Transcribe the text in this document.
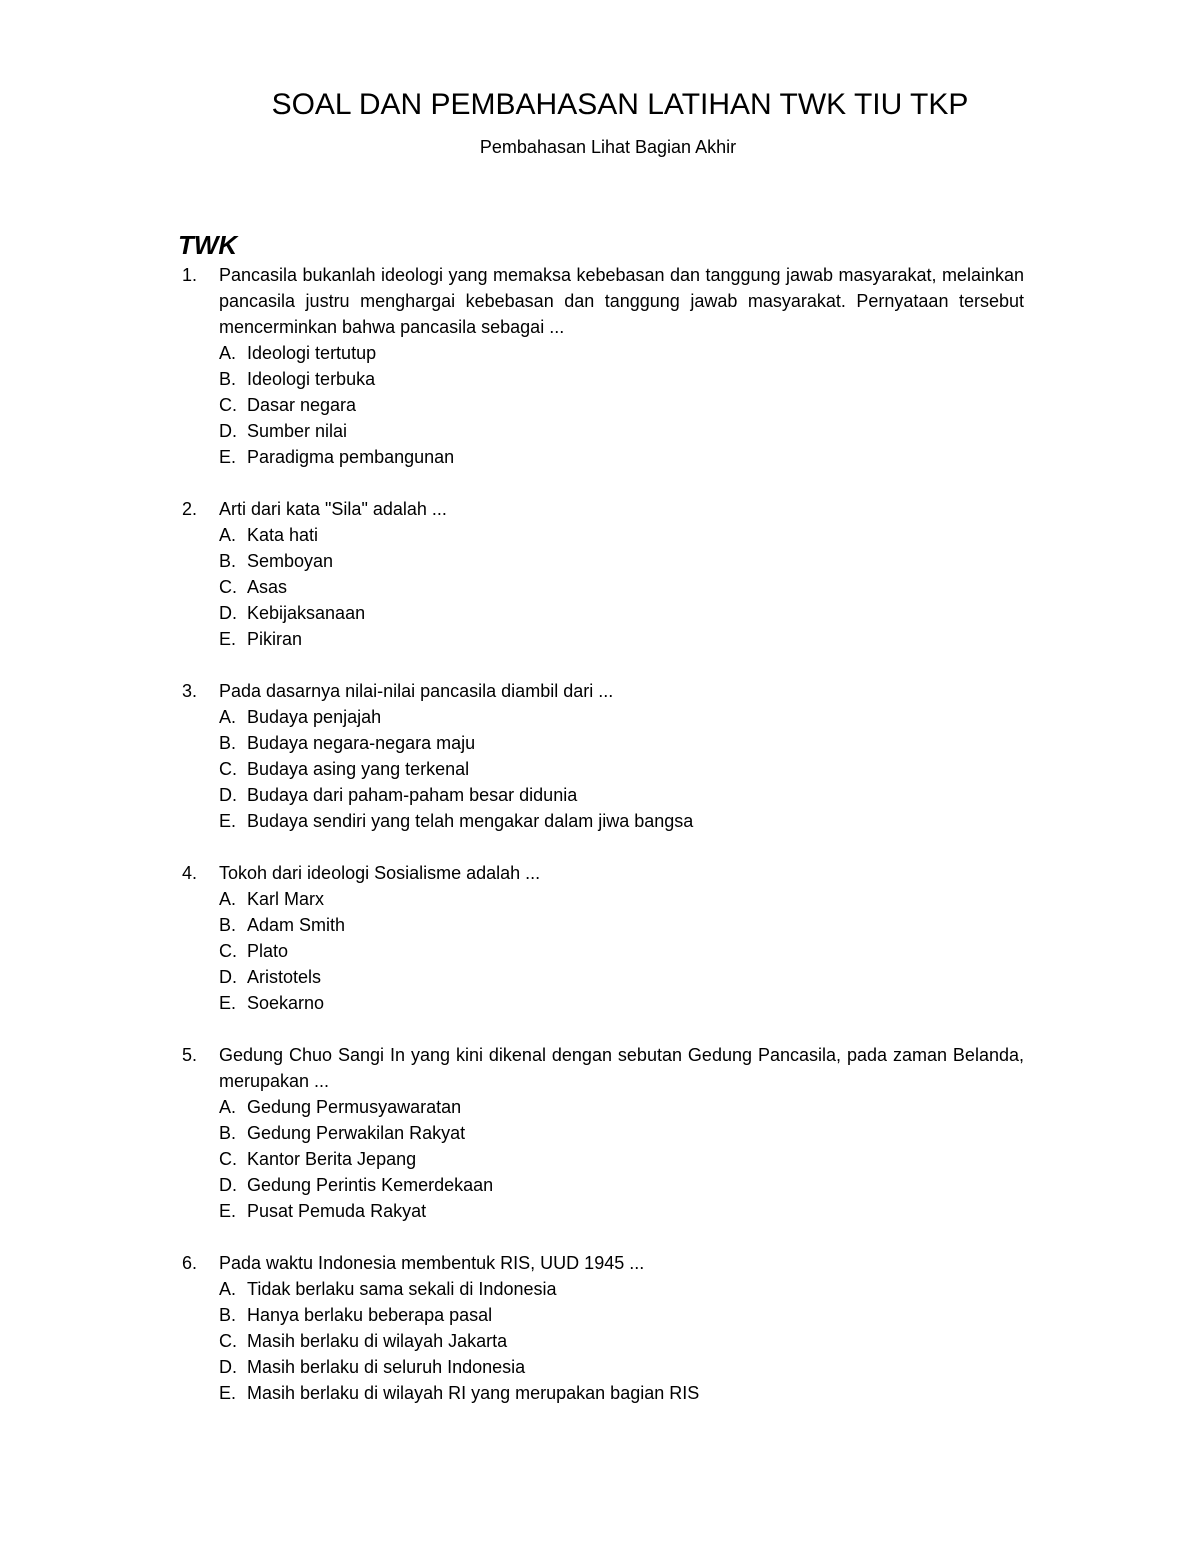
SOAL DAN PEMBAHASAN LATIHAN TWK TIU TKP

Pembahasan Lihat Bagian Akhir

TWK
1. Pancasila bukanlah ideologi yang memaksa kebebasan dan tanggung jawab masyarakat, melainkan pancasila justru menghargai kebebasan dan tanggung jawab masyarakat. Pernyataan tersebut mencerminkan bahwa pancasila sebagai ...

A. Ideologi tertutup
B. Ideologi terbuka
C. Dasar negara
D. Sumber nilai
E. Paradigma pembangunan
2. Arti dari kata "Sila" adalah ...

A. Kata hati
B. Semboyan
C. Asas
D. Kebijaksanaan
E. Pikiran
3. Pada dasarnya nilai-nilai pancasila diambil dari ...

A. Budaya penjajah
B. Budaya negara-negara maju
C. Budaya asing yang terkenal
D. Budaya dari paham-paham besar didunia
E. Budaya sendiri yang telah mengakar dalam jiwa bangsa
4. Tokoh dari ideologi Sosialisme adalah ...

A. Karl Marx
B. Adam Smith
C. Plato
D. Aristotels
E. Soekarno
5. Gedung Chuo Sangi In yang kini dikenal dengan sebutan Gedung Pancasila, pada zaman Belanda, merupakan ...

A. Gedung Permusyawaratan
B. Gedung Perwakilan Rakyat
C. Kantor Berita Jepang
D. Gedung Perintis Kemerdekaan
E. Pusat Pemuda Rakyat
6. Pada waktu Indonesia membentuk RIS, UUD 1945 ...

A. Tidak berlaku sama sekali di Indonesia
B. Hanya berlaku beberapa pasal
C. Masih berlaku di wilayah Jakarta
D. Masih berlaku di seluruh Indonesia
E. Masih berlaku di wilayah RI yang merupakan bagian RIS
